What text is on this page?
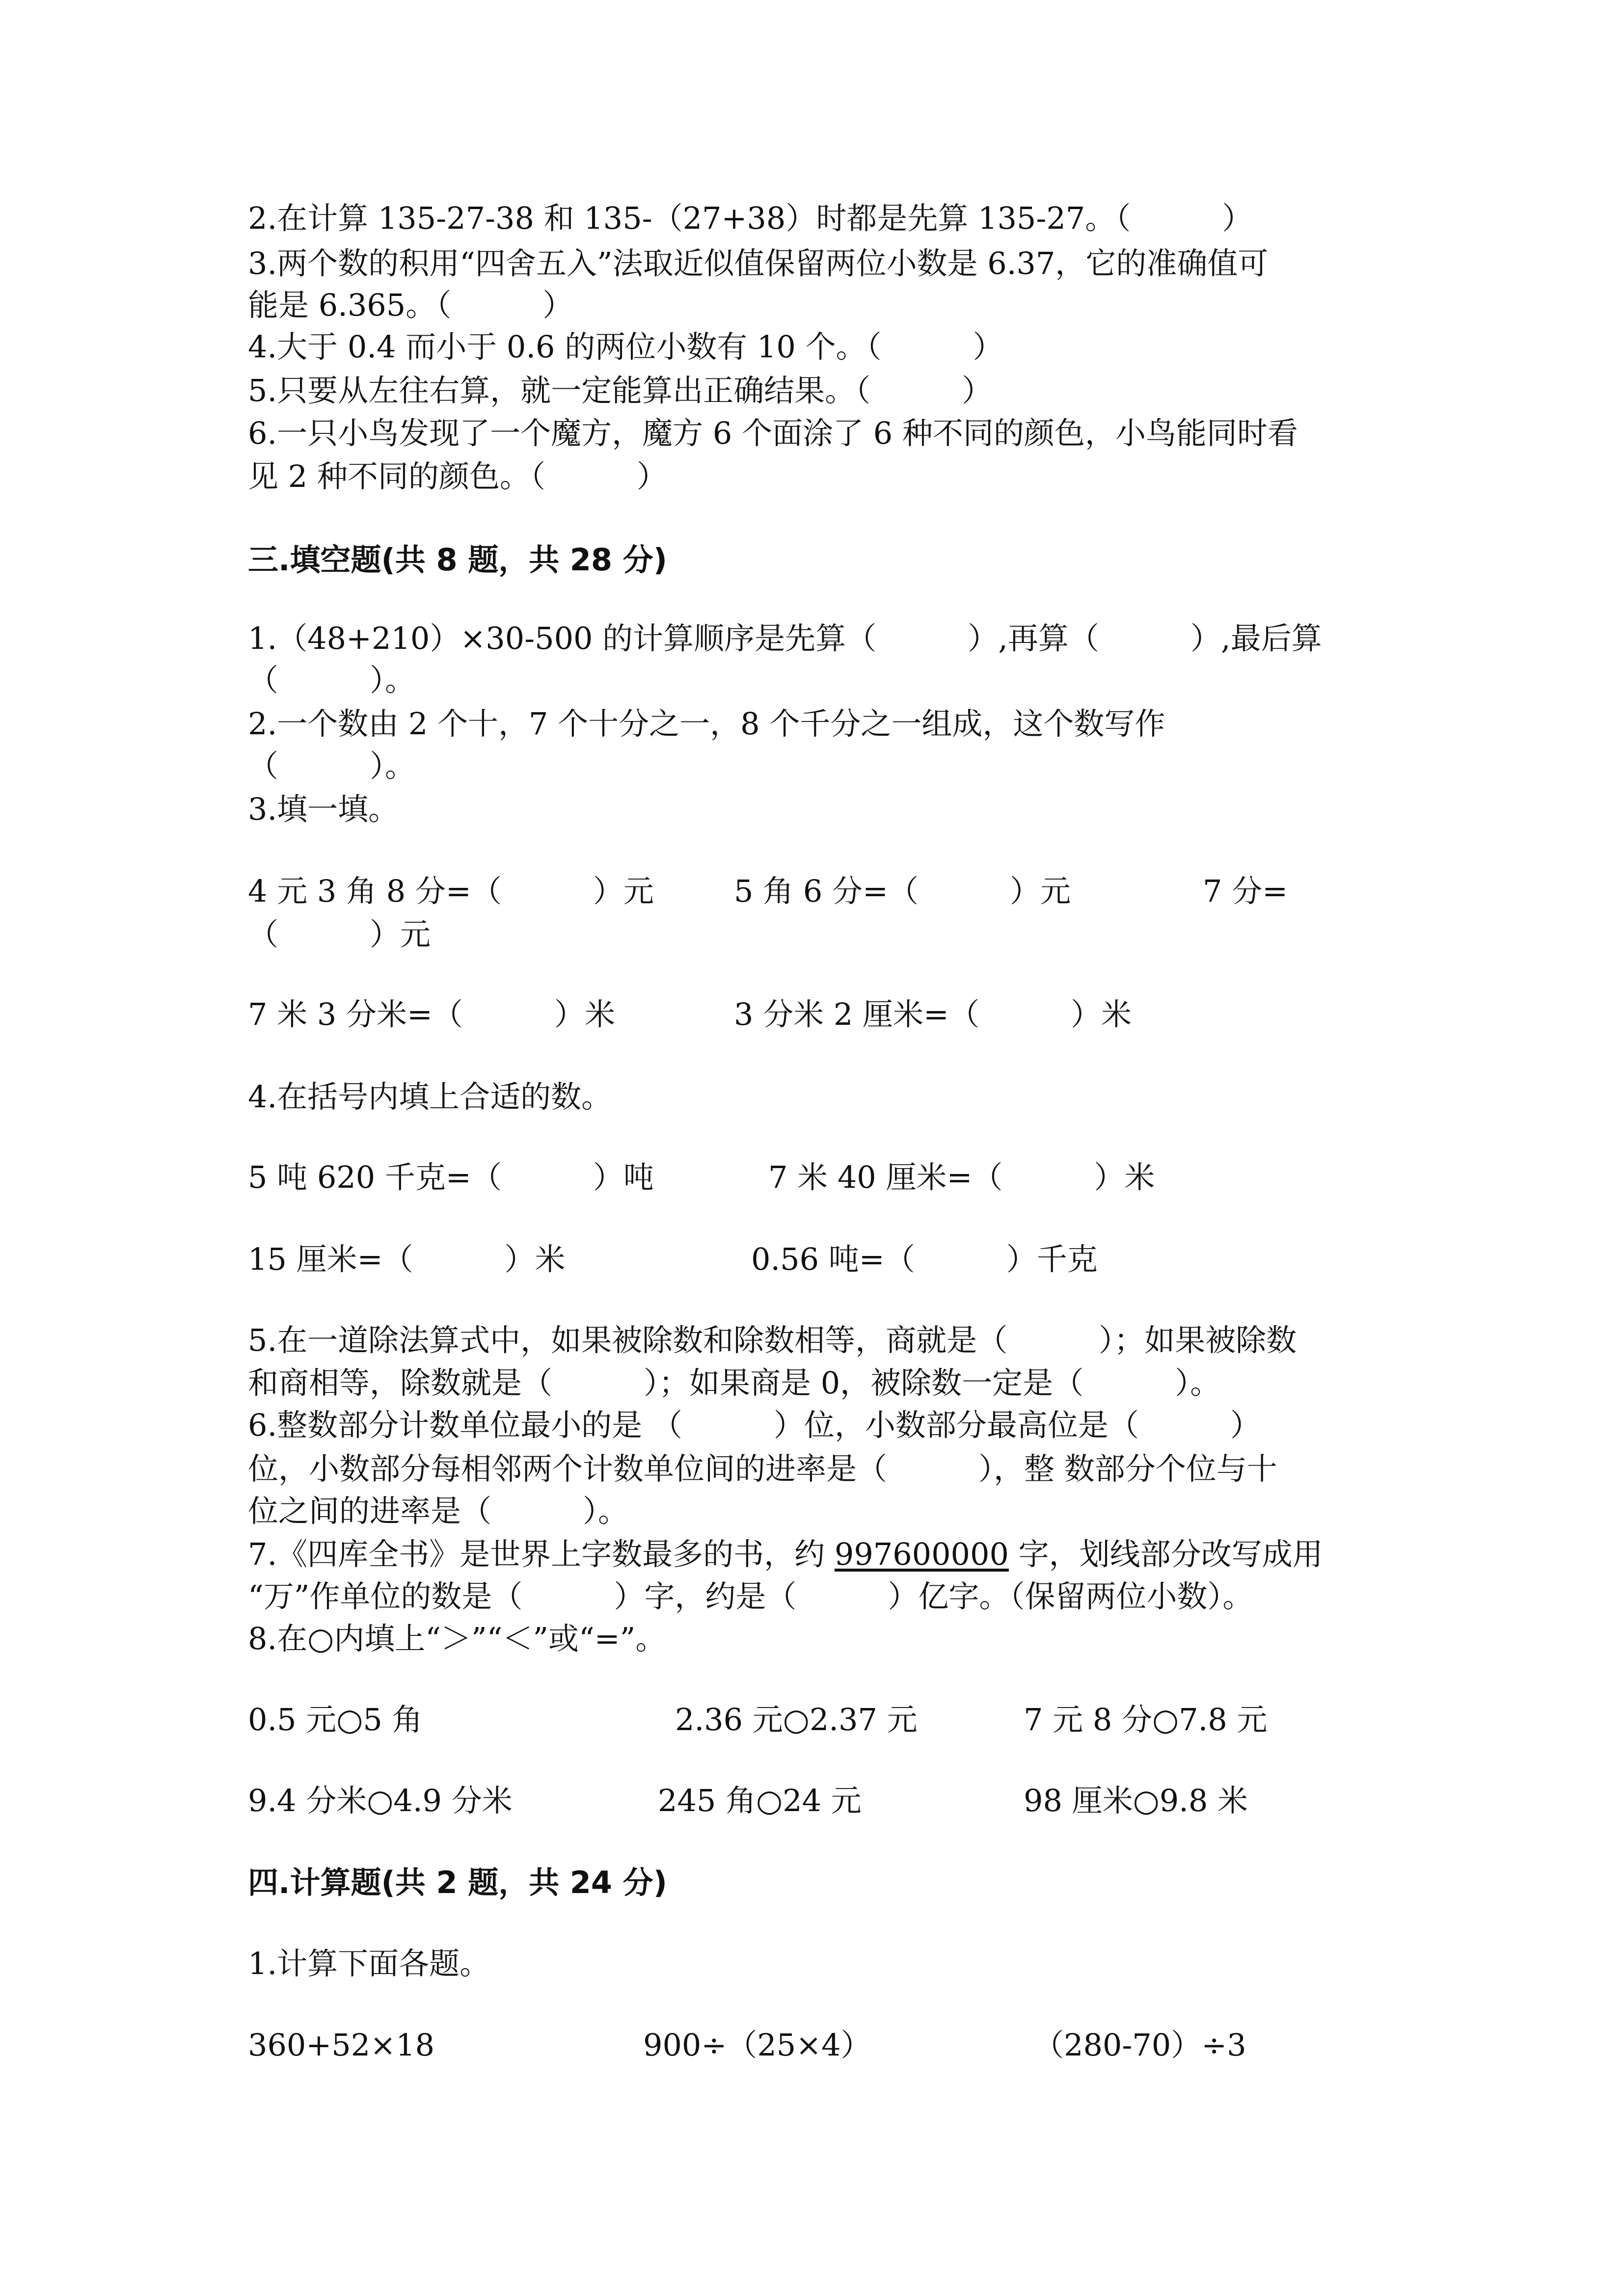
2.在计算 135-27-38 和 135-（27+38）时都是先算 135-27。（　　　）
3.两个数的积用“四舍五入”法取近似值保留两位小数是 6.37，它的准确值可
能是 6.365。（　　　）
4.大于 0.4 而小于 0.6 的两位小数有 10 个。（　　　）
5.只要从左往右算，就一定能算出正确结果。（　　　）
6.一只小鸟发现了一个魔方，魔方 6 个面涂了 6 种不同的颜色，小鸟能同时看
见 2 种不同的颜色。（　　　）
三.填空题(共 8 题，共 28 分)
1.（48+210）×30-500 的计算顺序是先算（　　　）,再算（　　　）,最后算
（　　　）。
2.一个数由 2 个十，7 个十分之一，8 个千分之一组成，这个数写作
（　　　）。
3.填一填。
4 元 3 角 8 分=（　　　）元	5 角 6 分=（　　　）元	7 分=
（　　　）元
7 米 3 分米=（　　　）米	3 分米 2 厘米=（　　　）米
4.在括号内填上合适的数。
5 吨 620 千克=（　　　）吨	7 米 40 厘米=（　　　）米
15 厘米=（　　　）米	0.56 吨=（　　　）千克
5.在一道除法算式中，如果被除数和除数相等，商就是（　　　）；如果被除数
和商相等，除数就是（　　　）；如果商是 0，被除数一定是（　　　）。
6.整数部分计数单位最小的是 （　　　）位，小数部分最高位是（　　　）
位，小数部分每相邻两个计数单位间的进率是（　　　），整 数部分个位与十
位之间的进率是（　　　）。
7.《四库全书》是世界上字数最多的书，约 997600000 字，划线部分改写成用
“万”作单位的数是（　　　）字，约是（　　　）亿字。（保留两位小数）。
8.在○内填上“＞”“＜”或“=”。
0.5 元○5 角	2.36 元○2.37 元	7 元 8 分○7.8 元
9.4 分米○4.9 分米	245 角○24 元	98 厘米○9.8 米
四.计算题(共 2 题，共 24 分)
1.计算下面各题。
360+52×18	900÷（25×4）	（280-70）÷3
